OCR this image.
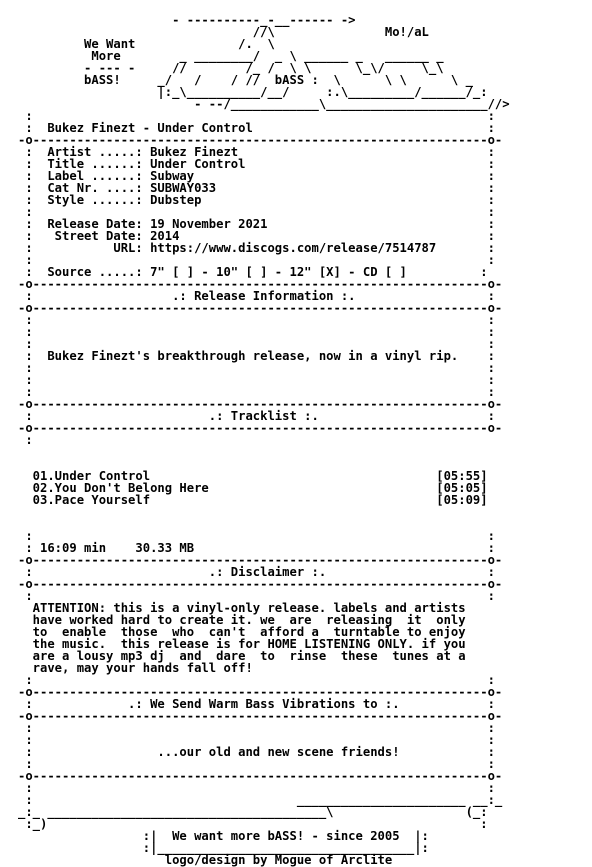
- ----------_-__------ ->
//\               Mo!/aL
We Want              /.  \
More        _ ________/  _ \ ______ _   ______ _
- --- -     //        /_ /  \ \      \_\/     \_\
bASS!     _/   /    / //  bASS :  \      \ \      \ _
|:_\__________/__/     :.\_________/______/_:
- --/____________\______________________//>
:                                                              :
:  Bukez Finezt - Under Control                                :
-o--------------------------------------------------------------o-
:  Artist .....: Bukez Finezt                                  :
:  Title ......: Under Control                                 :
:  Label ......: Subway                                        :
:  Cat Nr. ....: SUBWAY033                                     :
:  Style ......: Dubstep                                       :
:                                                              :
:  Release Date: 19 November 2021                              :
:   Street Date: 2014                                          :
:           URL: https://www.discogs.com/release/7514787       :
:                                                              :
:  Source .....: 7" [ ] - 10" [ ] - 12" [X] - CD [ ]          :
-o--------------------------------------------------------------o-
:                   .: Release Information :.                  :
-o--------------------------------------------------------------o-
:                                                              :
:                                                              :
:                                                              :
:  Bukez Finezt's breakthrough release, now in a vinyl rip.    :
:                                                              :
:                                                              :
:                                                              :
-o--------------------------------------------------------------o-
:                        .: Tracklist :.                       :
-o--------------------------------------------------------------o-
:

01.Under Control                                       [05:55]
02.You Don't Belong Here                               [05:05]
03.Pace Yourself                                       [05:09]

:                                                              :
: 16:09 min    30.33 MB                                        :
-o--------------------------------------------------------------o-
:                        .: Disclaimer :.                      :
-o--------------------------------------------------------------o-
:                                                              :
ATTENTION: this is a vinyl-only release. labels and artists
have worked hard to create it. we  are  releasing  it  only
to  enable  those  who  can't  afford a  turntable to enjoy
the music.  this release is for HOME LISTENING ONLY. if you
are a lousy mp3 dj  and  dare  to  rinse  these  tunes at a
rave, may your hands fall off!
:                                                              :
-o--------------------------------------------------------------o-
:             .: We Send Warm Bass Vibrations to :.            :
-o--------------------------------------------------------------o-
:                                                              :
:                                                              :
:                 ...our old and new scene friends!            :
:                                                              :
-o--------------------------------------------------------------o-
:                                                              :
:                                    _______________________ __:_
_:_ ______________________________________\                  (_:
:_)                                                           :
:|  We want more bASS! - since 2005  |:
:|___________________________________|:
logo/design by Mogue of Arclite
